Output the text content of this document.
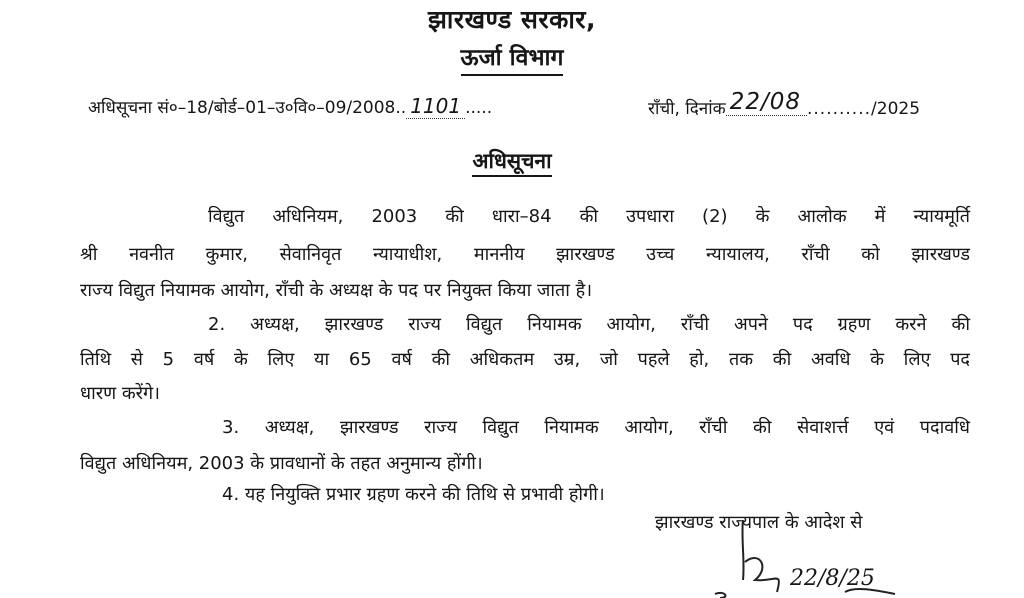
झारखण्ड सरकार,
ऊर्जा विभाग
अधिसूचना सं०–18/बोर्ड–01–उ०वि०–09/2008.. 1101 .....	राँची, दिनांक 22/08 ........../2025
अधिसूचना
विद्युत अधिनियम, 2003 की धारा–84 की उपधारा (2) के आलोक में न्यायमूर्ति
श्री नवनीत कुमार, सेवानिवृत न्यायाधीश, माननीय झारखण्ड उच्च न्यायालय, राँची को झारखण्ड
राज्य विद्युत नियामक आयोग, राँची के अध्यक्ष के पद पर नियुक्त किया जाता है।
2. अध्यक्ष, झारखण्ड राज्य विद्युत नियामक आयोग, राँची अपने पद ग्रहण करने की
तिथि से 5 वर्ष के लिए या 65 वर्ष की अधिकतम उम्र, जो पहले हो, तक की अवधि के लिए पद
धारण करेंगे।
3. अध्यक्ष, झारखण्ड राज्य विद्युत नियामक आयोग, राँची की सेवाशर्त्त एवं पदावधि
विद्युत अधिनियम, 2003 के प्रावधानों के तहत अनुमान्य होंगी।
4. यह नियुक्ति प्रभार ग्रहण करने की तिथि से प्रभावी होगी।
झारखण्ड राज्यपाल के आदेश से
22/8/25
